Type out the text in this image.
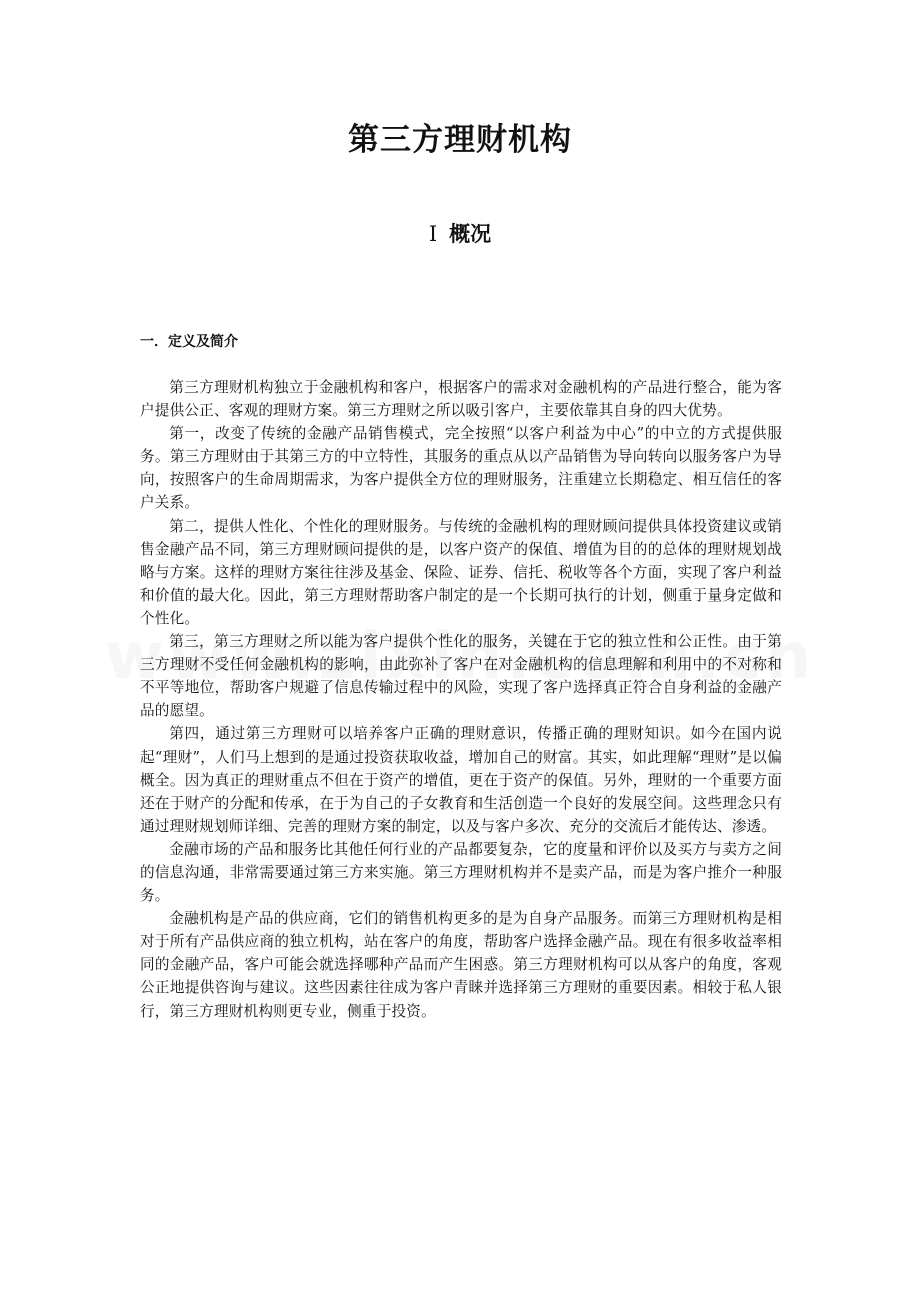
第三方理财机构
I 概况
一．定义及简介

第三方理财机构独立于金融机构和客户，根据客户的需求对金融机构的产品进行整合，能为客户提供公正、客观的理财方案。第三方理财之所以吸引客户，主要依靠其自身的四大优势。

第一，改变了传统的金融产品销售模式，完全按照“以客户利益为中心”的中立的方式提供服务。第三方理财由于其第三方的中立特性，其服务的重点从以产品销售为导向转向以服务客户为导向，按照客户的生命周期需求，为客户提供全方位的理财服务，注重建立长期稳定、相互信任的客户关系。

第二，提供人性化、个性化的理财服务。与传统的金融机构的理财顾问提供具体投资建议或销售金融产品不同，第三方理财顾问提供的是，以客户资产的保值、增值为目的的总体的理财规划战略与方案。这样的理财方案往往涉及基金、保险、证券、信托、税收等各个方面，实现了客户利益和价值的最大化。因此，第三方理财帮助客户制定的是一个长期可执行的计划，侧重于量身定做和个性化。

第三，第三方理财之所以能为客户提供个性化的服务，关键在于它的独立性和公正性。由于第三方理财不受任何金融机构的影响，由此弥补了客户在对金融机构的信息理解和利用中的不对称和不平等地位，帮助客户规避了信息传输过程中的风险，实现了客户选择真正符合自身利益的金融产品的愿望。

第四，通过第三方理财可以培养客户正确的理财意识，传播正确的理财知识。如今在国内说起“理财”，人们马上想到的是通过投资获取收益，增加自己的财富。其实，如此理解“理财”是以偏概全。因为真正的理财重点不但在于资产的增值，更在于资产的保值。另外，理财的一个重要方面还在于财产的分配和传承，在于为自己的子女教育和生活创造一个良好的发展空间。这些理念只有通过理财规划师详细、完善的理财方案的制定，以及与客户多次、充分的交流后才能传达、渗透。

金融市场的产品和服务比其他任何行业的产品都要复杂，它的度量和评价以及买方与卖方之间的信息沟通，非常需要通过第三方来实施。第三方理财机构并不是卖产品，而是为客户推介一种服务。

金融机构是产品的供应商，它们的销售机构更多的是为自身产品服务。而第三方理财机构是相对于所有产品供应商的独立机构，站在客户的角度，帮助客户选择金融产品。现在有很多收益率相同的金融产品，客户可能会就选择哪种产品而产生困惑。第三方理财机构可以从客户的角度，客观公正地提供咨询与建议。这些因素往往成为客户青睐并选择第三方理财的重要因素。相较于私人银行，第三方理财机构则更专业，侧重于投资。
